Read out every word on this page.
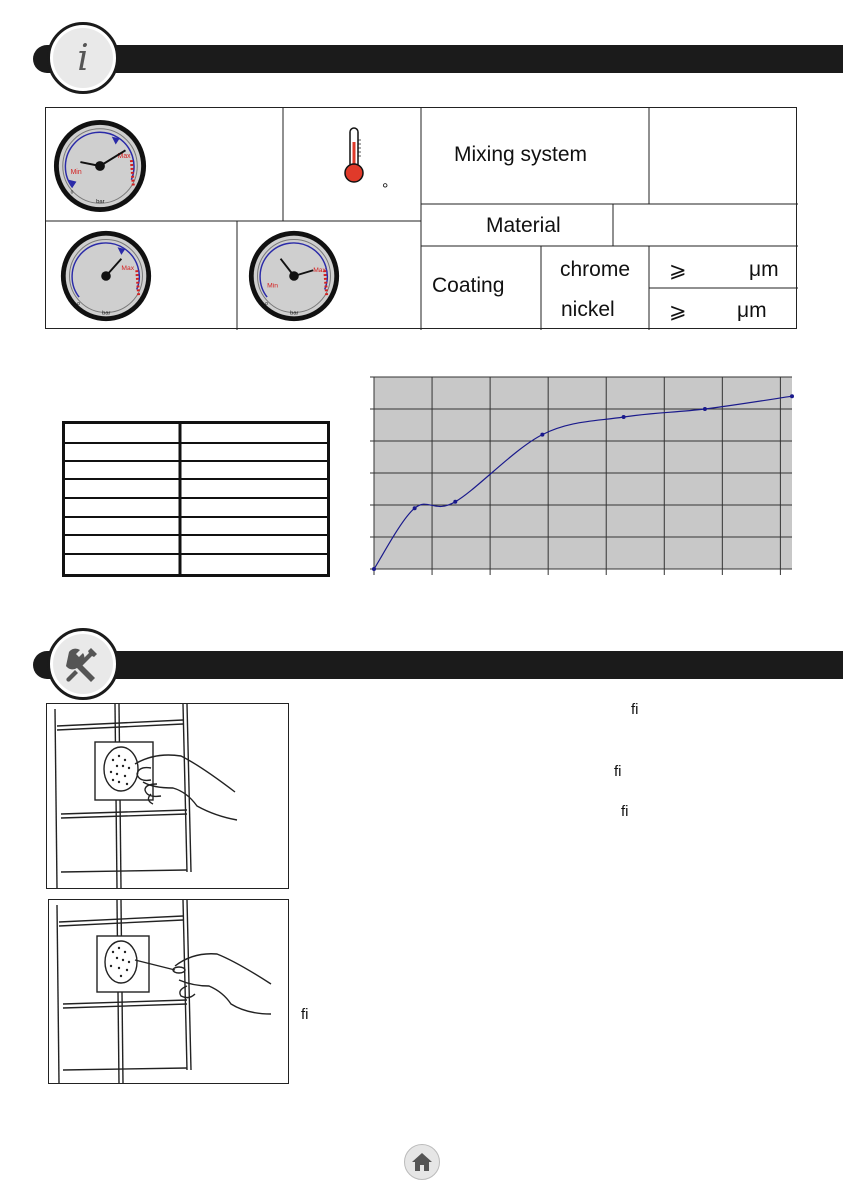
i
Max
Min
0
bar
°
Mixing system
Material
Coating
chrome
nickel
⩾	μm
⩾ μm
Max
0
bar
Max
Min
0
bar
fi
fi
fi
fi
